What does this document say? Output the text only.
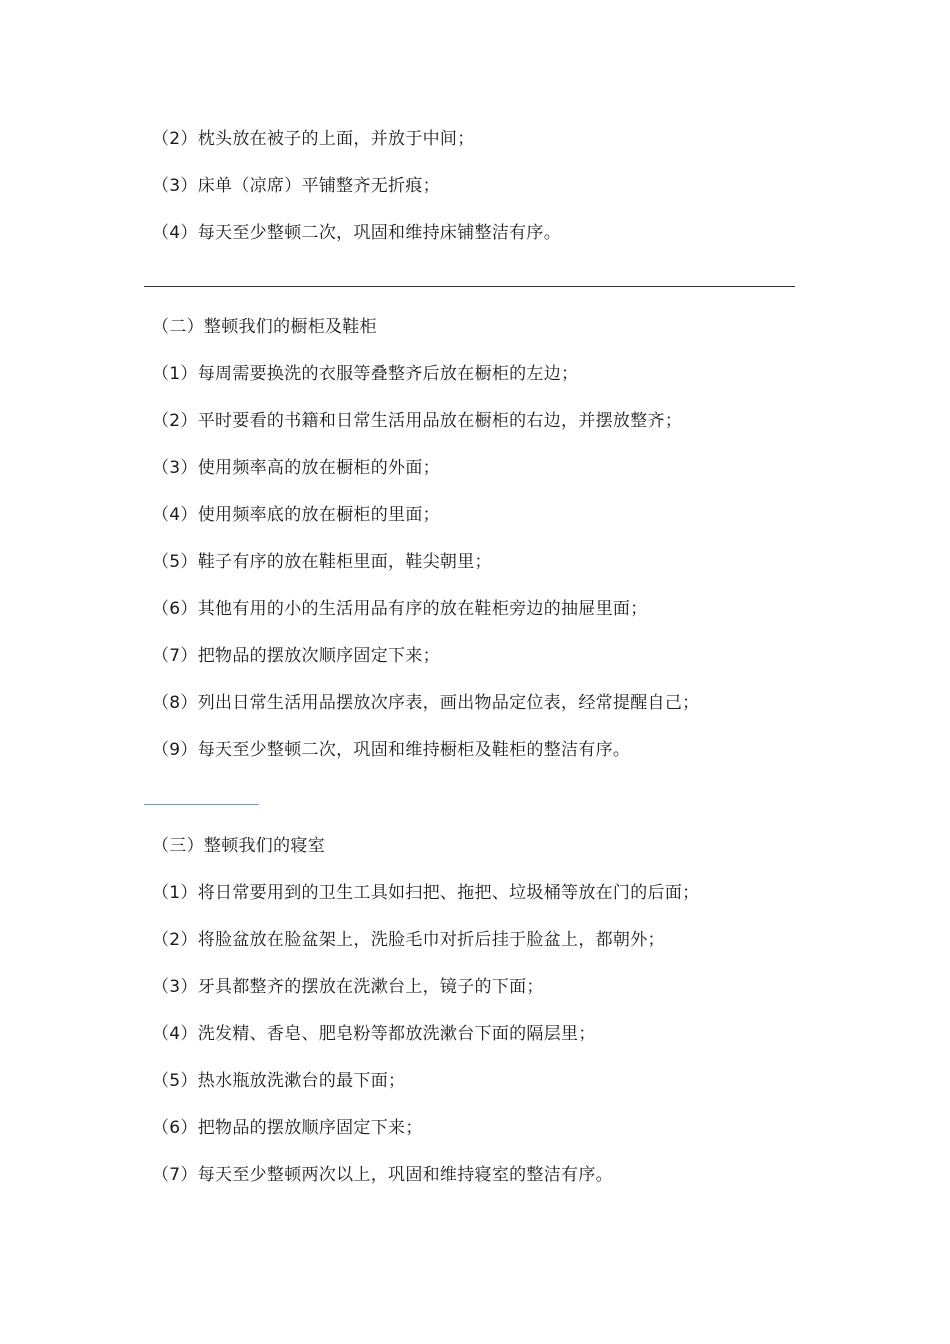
（2）枕头放在被子的上面，并放于中间；
（3）床单（凉席）平铺整齐无折痕；
（4）每天至少整顿二次，巩固和维持床铺整洁有序。
（二）整顿我们的橱柜及鞋柜
（1）每周需要换洗的衣服等叠整齐后放在橱柜的左边；
（2）平时要看的书籍和日常生活用品放在橱柜的右边，并摆放整齐；
（3）使用频率高的放在橱柜的外面；
（4）使用频率底的放在橱柜的里面；
（5）鞋子有序的放在鞋柜里面，鞋尖朝里；
（6）其他有用的小的生活用品有序的放在鞋柜旁边的抽屉里面；
（7）把物品的摆放次顺序固定下来；
（8）列出日常生活用品摆放次序表，画出物品定位表，经常提醒自己；
（9）每天至少整顿二次，巩固和维持橱柜及鞋柜的整洁有序。
（三）整顿我们的寝室
（1）将日常要用到的卫生工具如扫把、拖把、垃圾桶等放在门的后面；
（2）将脸盆放在脸盆架上，洗脸毛巾对折后挂于脸盆上，都朝外；
（3）牙具都整齐的摆放在洗漱台上，镜子的下面；
（4）洗发精、香皂、肥皂粉等都放洗漱台下面的隔层里；
（5）热水瓶放洗漱台的最下面；
（6）把物品的摆放顺序固定下来；
（7）每天至少整顿两次以上，巩固和维持寝室的整洁有序。
